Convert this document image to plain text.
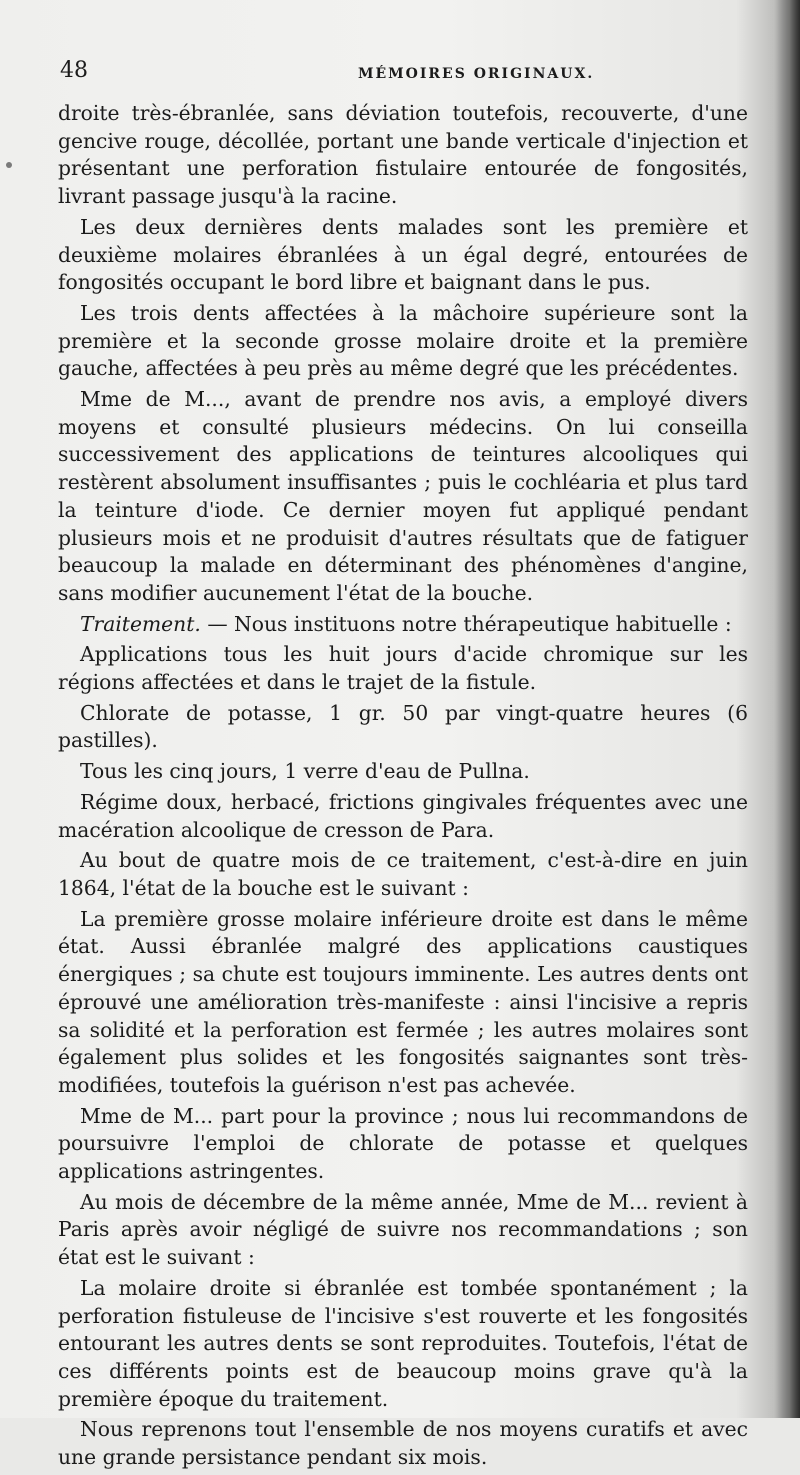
48	MÉMOIRES ORIGINAUX.

droite très-ébranlée, sans déviation toutefois, recouverte, d'une gencive rouge, décollée, portant une bande verticale d'injection et présentant une perforation fistulaire entourée de fongosités, livrant passage jusqu'à la racine.

Les deux dernières dents malades sont les première et deuxième molaires ébranlées à un égal degré, entourées de fongosités occupant le bord libre et baignant dans le pus.

Les trois dents affectées à la mâchoire supérieure sont la première et la seconde grosse molaire droite et la première gauche, affectées à peu près au même degré que les précédentes.

Mme de M..., avant de prendre nos avis, a employé divers moyens et consulté plusieurs médecins. On lui conseilla successivement des applications de teintures alcooliques qui restèrent absolument insuffisantes ; puis le cochléaria et plus tard la teinture d'iode. Ce dernier moyen fut appliqué pendant plusieurs mois et ne produisit d'autres résultats que de fatiguer beaucoup la malade en déterminant des phénomènes d'angine, sans modifier aucunement l'état de la bouche.

Traitement. — Nous instituons notre thérapeutique habituelle :

Applications tous les huit jours d'acide chromique sur les régions affectées et dans le trajet de la fistule.

Chlorate de potasse, 1 gr. 50 par vingt-quatre heures (6 pastilles).

Tous les cinq jours, 1 verre d'eau de Pullna.

Régime doux, herbacé, frictions gingivales fréquentes avec une macération alcoolique de cresson de Para.

Au bout de quatre mois de ce traitement, c'est-à-dire en juin 1864, l'état de la bouche est le suivant :

La première grosse molaire inférieure droite est dans le même état. Aussi ébranlée malgré des applications caustiques énergiques ; sa chute est toujours imminente. Les autres dents ont éprouvé une amélioration très-manifeste : ainsi l'incisive a repris sa solidité et la perforation est fermée ; les autres molaires sont également plus solides et les fongosités saignantes sont très-modifiées, toutefois la guérison n'est pas achevée.

Mme de M... part pour la province ; nous lui recommandons de poursuivre l'emploi de chlorate de potasse et quelques applications astringentes.

Au mois de décembre de la même année, Mme de M... revient à Paris après avoir négligé de suivre nos recommandations ; son état est le suivant :

La molaire droite si ébranlée est tombée spontanément ; la perforation fistuleuse de l'incisive s'est rouverte et les fongosités entourant les autres dents se sont reproduites. Toutefois, l'état de ces différents points est de beaucoup moins grave qu'à la première époque du traitement.

Nous reprenons tout l'ensemble de nos moyens curatifs et avec une grande persistance pendant six mois.
